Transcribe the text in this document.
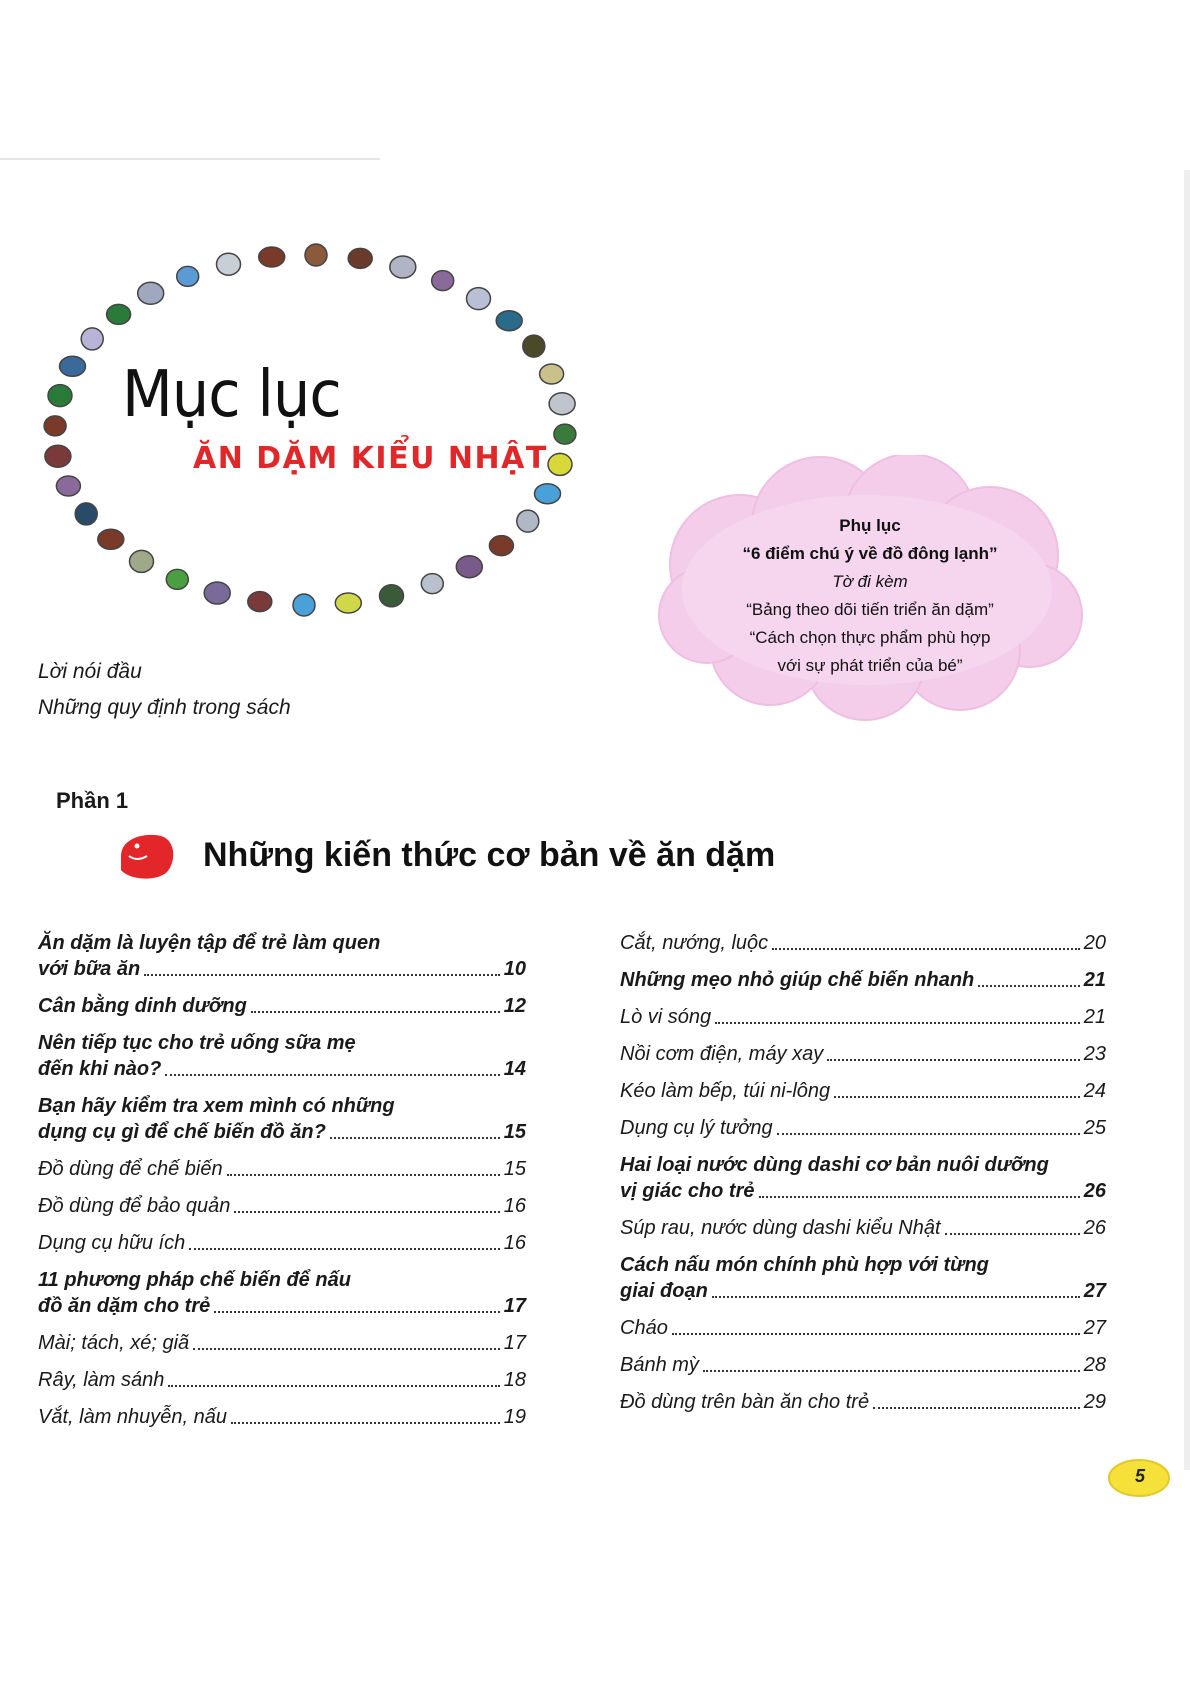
Mục lục
ĂN DẶM KIỂU NHẬT
Phụ lục
“6 điểm chú ý về đồ đông lạnh”
Tờ đi kèm
“Bảng theo dõi tiến triển ăn dặm”
“Cách chọn thực phẩm phù hợp
với sự phát triển của bé”
Lời nói đầu
Những quy định trong sách
Phần 1
Những kiến thức cơ bản về ăn dặm
Ăn dặm là luyện tập để trẻ làm quen
với bữa ăn	10
Cân bằng dinh dưỡng	12
Nên tiếp tục cho trẻ uống sữa mẹ
đến khi nào?	14
Bạn hãy kiểm tra xem mình có những
dụng cụ gì để chế biến đồ ăn?	15
Đồ dùng để chế biến	15
Đồ dùng để bảo quản	16
Dụng cụ hữu ích	16
11 phương pháp chế biến để nấu
đồ ăn dặm cho trẻ	17
Mài; tách, xé; giã	17
Rây, làm sánh	18
Vắt, làm nhuyễn, nấu	19
Cắt, nướng, luộc	20
Những mẹo nhỏ giúp chế biến nhanh	21
Lò vi sóng	21
Nồi cơm điện, máy xay	23
Kéo làm bếp, túi ni-lông	24
Dụng cụ lý tưởng	25
Hai loại nước dùng dashi cơ bản nuôi dưỡng
vị giác cho trẻ	26
Súp rau, nước dùng dashi kiểu Nhật	26
Cách nấu món chính phù hợp với từng
giai đoạn	27
Cháo	27
Bánh mỳ	28
Đồ dùng trên bàn ăn cho trẻ	29
5
